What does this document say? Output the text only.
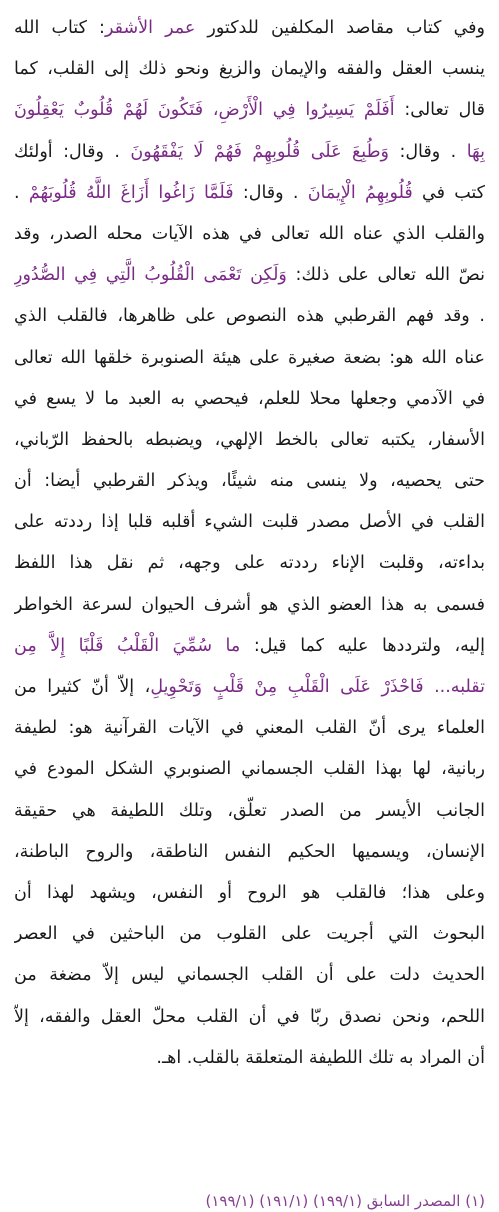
وفي كتاب مقاصد المكلفين للدكتور عمر الأشقر: كتاب الله
ينسب العقل والفقه والإيمان والزيغ ونحو ذلك إلى القلب، كما
قال تعالى: أَفَلَمْ يَسِيرُوا فِي الْأَرْضِ، فَتَكُونَ لَهُمْ قُلُوبٌ يَعْقِلُونَ
بِهَا . وقال: وَطُبِعَ عَلَى قُلُوبِهِمْ فَهُمْ لَا يَفْقَهُونَ . وقال: أولئك
كتب في قُلُوبِهِمُ الْإِيمَانَ . وقال: فَلَمَّا زَاغُوا أَزَاغَ اللَّهُ قُلُوبَهُمْ .
والقلب الذي عناه الله تعالى في هذه الآيات محله الصدر، وقد
نصّ الله تعالى على ذلك: وَلَكِن تَعْمَى الْقُلُوبُ الَّتِي فِي الصُّدُورِ
. وقد فهم القرطبي هذه النصوص على ظاهرها، فالقلب الذي
عناه الله هو: بضعة صغيرة على هيئة الصنوبرة خلقها الله تعالى
في الآدمي وجعلها محلا للعلم، فيحصي به العبد ما لا يسع في
الأسفار، يكتبه تعالى بالخط الإلهي، ويضبطه بالحفظ الرّباني،
حتى يحصيه، ولا ينسى منه شيئًا، ويذكر القرطبي أيضا: أن
القلب في الأصل مصدر قلبت الشيء أقلبه قلبا إذا رددته على
بداءته، وقلبت الإناء رددته على وجهه، ثم نقل هذا اللفظ
فسمى به هذا العضو الذي هو أشرف الحيوان لسرعة الخواطر
إليه، ولترددها عليه كما قيل: ما سُمِّيَ الْقَلْبُ قَلْبًا إِلاَّ مِن
تقلبه... فَاحْذَرْ عَلَى الْقَلْبِ مِنْ قَلْبٍ وَتَحْوِيلِ، إلاّ أنّ كثيرا من
العلماء يرى أنّ القلب المعني في الآيات القرآنية هو: لطيفة
ربانية، لها بهذا القلب الجسماني الصنوبري الشكل المودع في
الجانب الأيسر من الصدر تعلّق، وتلك اللطيفة هي حقيقة
الإنسان، ويسميها الحكيم النفس الناطقة، والروح الباطنة،
وعلى هذا؛ فالقلب هو الروح أو النفس، ويشهد لهذا أن
البحوث التي أجريت على القلوب من الباحثين في العصر
الحديث دلت على أن القلب الجسماني ليس إلاّ مضغة من
اللحم، ونحن نصدق ربّا في أن القلب محلّ العقل والفقه، إلاّ
أن المراد به تلك اللطيفة المتعلقة بالقلب. اهـ.
(١) المصدر السابق (١٩٩/١) (١٩١/١) (١٩٩/١)
